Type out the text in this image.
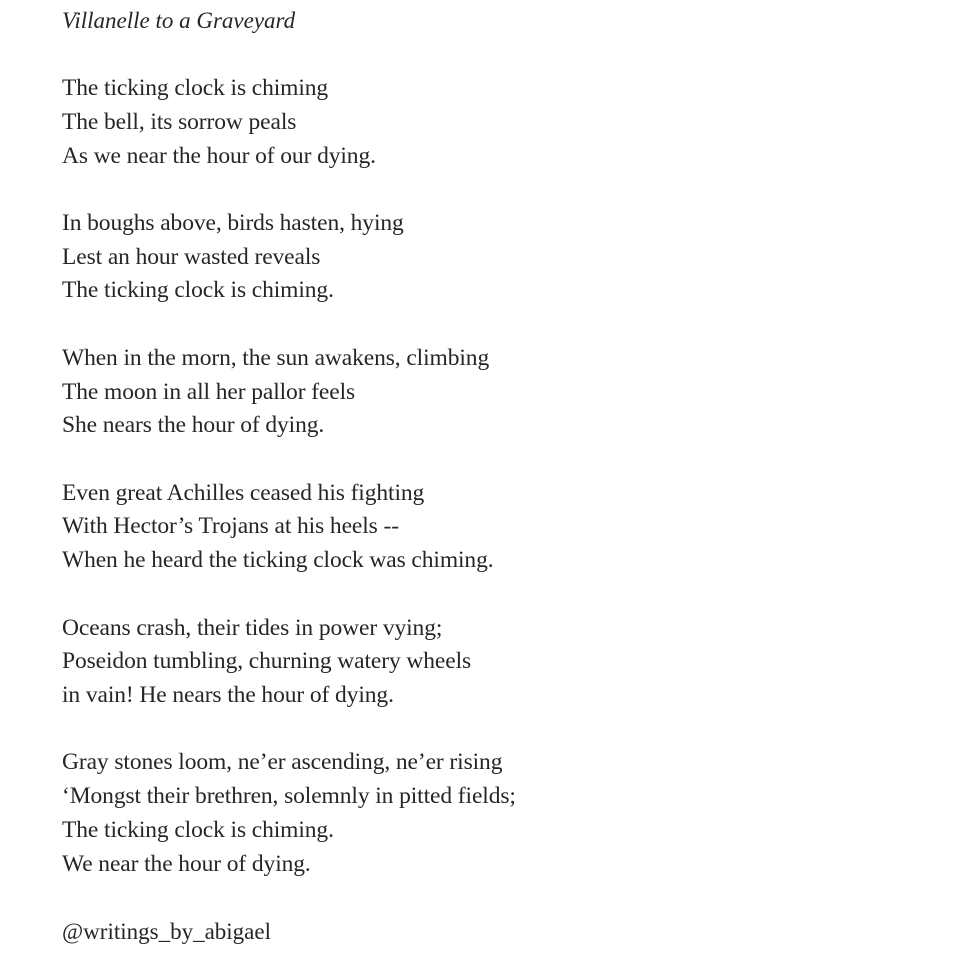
Villanelle to a Graveyard
The ticking clock is chiming
The bell, its sorrow peals
As we near the hour of our dying.
In boughs above, birds hasten, hying
Lest an hour wasted reveals
The ticking clock is chiming.
When in the morn, the sun awakens, climbing
The moon in all her pallor feels
She nears the hour of dying.
Even great Achilles ceased his fighting
With Hector’s Trojans at his heels --
When he heard the ticking clock was chiming.
Oceans crash, their tides in power vying;
Poseidon tumbling, churning watery wheels
in vain! He nears the hour of dying.
Gray stones loom, ne’er ascending, ne’er rising
‘Mongst their brethren, solemnly in pitted fields;
The ticking clock is chiming.
We near the hour of dying.
@writings_by_abigael
